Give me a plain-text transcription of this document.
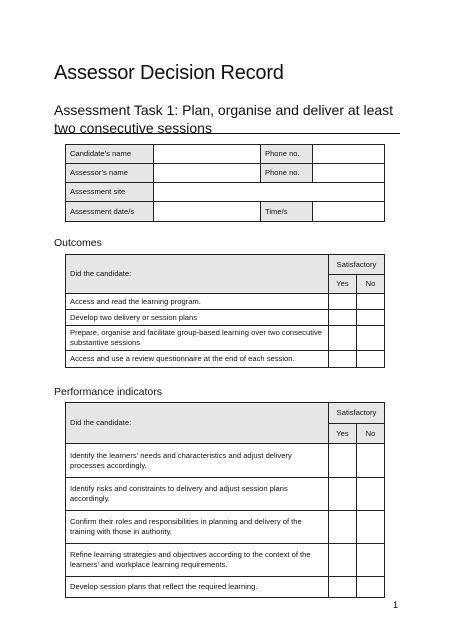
Assessor Decision Record
Assessment Task 1: Plan, organise and deliver at least two consecutive sessions
Candidate’s name		Phone no.	
Assessor’s name		Phone no.	
Assessment site			
Assessment date/s		Time/s	
Outcomes
Did the candidate:	Satisfactory	
	Yes	No
Access and read the learning program.		
Develop two delivery or session plans		
Prepare, organise and facilitate group-based learning over two consecutive substantive sessions		
Access and use a review questionnaire at the end of each session.		
Performance indicators
Did the candidate:	Satisfactory	
	Yes	No
Identify the learners’ needs and characteristics and adjust delivery processes accordingly.		
Identify risks and constraints to delivery and adjust session plans accordingly.		
Confirm their roles and responsibilities in planning and delivery of the training with those in authority.		
Refine learning strategies and objectives according to the context of the learners’ and workplace learning requirements.		
Develop session plans that reflect the required learning.		
1
